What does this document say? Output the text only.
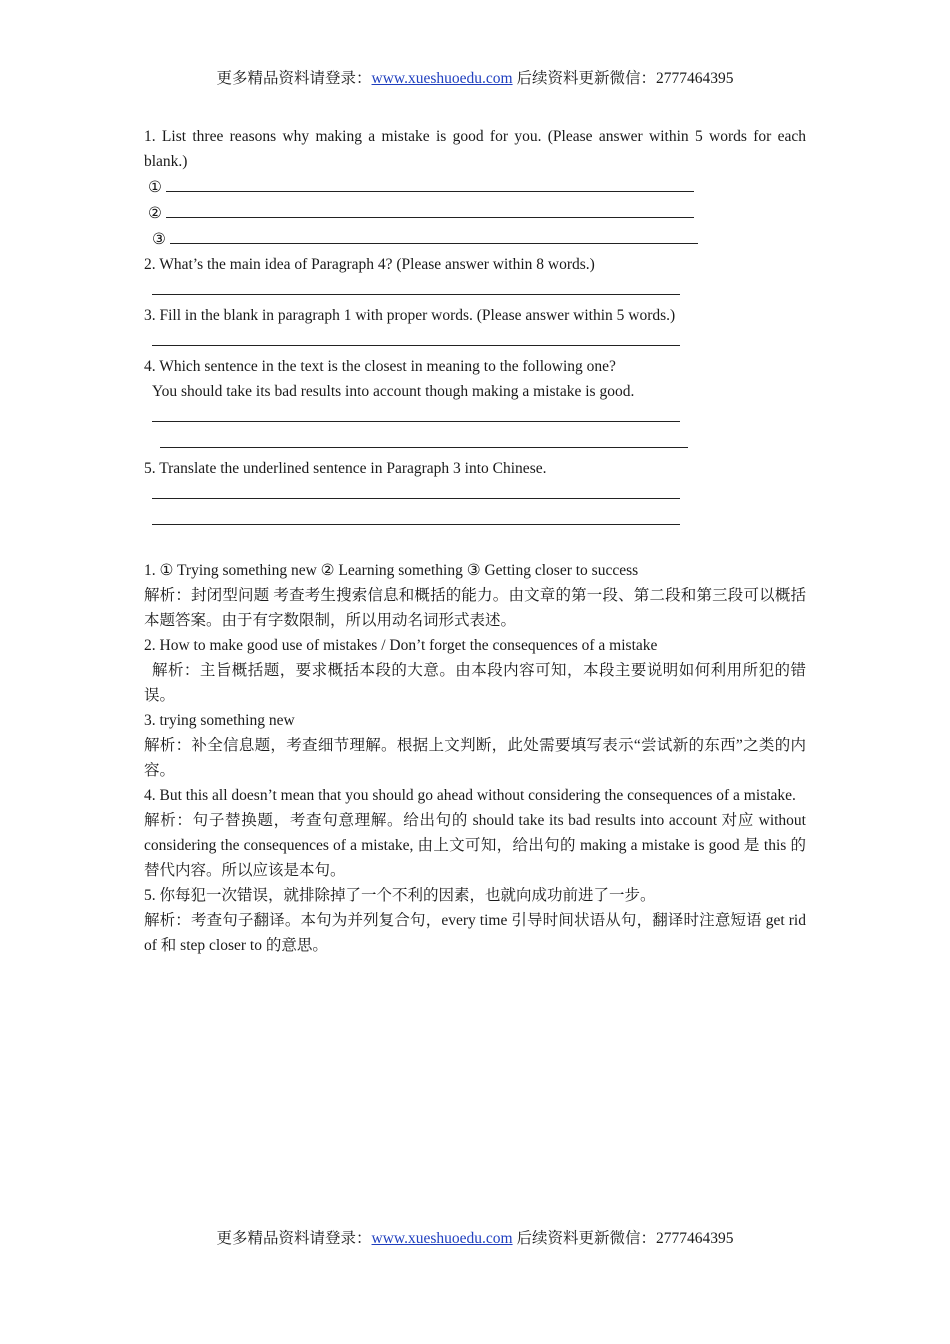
更多精品资料请登录：www.xueshuoedu.com 后续资料更新微信：2777464395
1. List three reasons why making a mistake is good for you. (Please answer within 5 words for each blank.)
①
②
③
2. What’s the main idea of Paragraph 4? (Please answer within 8 words.)
3. Fill in the blank in paragraph 1 with proper words. (Please answer within 5 words.)
4. Which sentence in the text is the closest in meaning to the following one?
You should take its bad results into account though making a mistake is good.
5. Translate the underlined sentence in Paragraph 3 into Chinese.
1. ① Trying something new ② Learning something ③ Getting closer to success
解析：封闭型问题 考查考生搜索信息和概括的能力。由文章的第一段、第二段和第三段可以概括本题答案。由于有字数限制，所以用动名词形式表述。
2. How to make good use of mistakes / Don’t forget the consequences of a mistake
解析：主旨概括题，要求概括本段的大意。由本段内容可知，本段主要说明如何利用所犯的错误。
3. trying something new
解析：补全信息题，考查细节理解。根据上文判断，此处需要填写表示“尝试新的东西”之类的内容。
4. But this all doesn’t mean that you should go ahead without considering the consequences of a mistake.
解析：句子替换题，考查句意理解。给出句的 should take its bad results into account 对应 without considering the consequences of a mistake, 由上文可知，给出句的 making a mistake is good 是 this 的替代内容。所以应该是本句。
5. 你每犯一次错误，就排除掉了一个不利的因素，也就向成功前进了一步。
解析：考查句子翻译。本句为并列复合句，every time 引导时间状语从句，翻译时注意短语 get rid of 和 step closer to 的意思。
更多精品资料请登录：www.xueshuoedu.com 后续资料更新微信：2777464395
